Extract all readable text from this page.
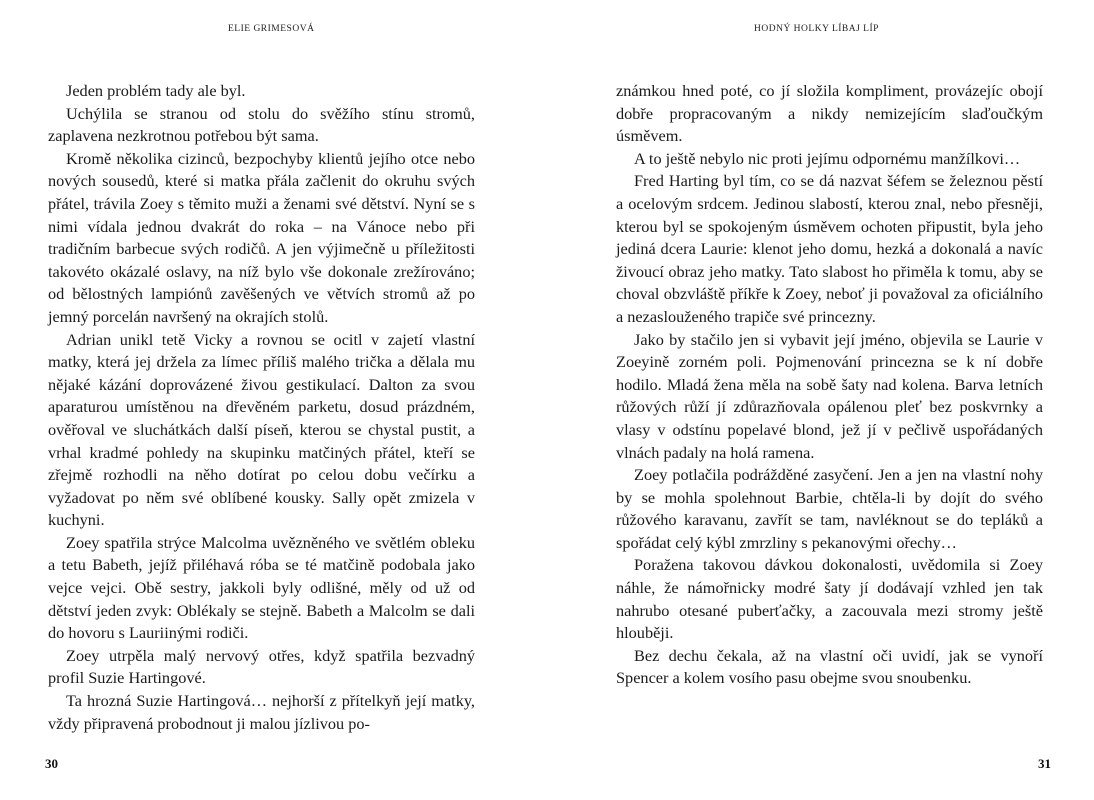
ELIE GRIMESOVÁ

Jeden problém tady ale byl.

Uchýlila se stranou od stolu do svěžího stínu stromů, zaplavena nezkrotnou potřebou být sama.

Kromě několika cizinců, bezpochyby klientů jejího otce nebo nových sousedů, které si matka přála začlenit do okruhu svých přátel, trávila Zoey s těmito muži a ženami své dětství. Nyní se s nimi vídala jednou dvakrát do roka – na Vánoce nebo při tradičním barbecue svých rodičů. A jen výjimečně u příležitosti takovéto okázalé oslavy, na níž bylo vše dokonale zrežírováno; od bělostných lampiónů zavěšených ve větvích stromů až po jemný porcelán navršený na okrajích stolů.

Adrian unikl tetě Vicky a rovnou se ocitl v zajetí vlastní matky, která jej držela za límec příliš malého trička a dělala mu nějaké kázání doprovázené živou gestikulací. Dalton za svou aparaturou umístěnou na dřevěném parketu, dosud prázdném, ověřoval ve sluchátkách další píseň, kterou se chystal pustit, a vrhal kradmé pohledy na skupinku matčiných přátel, kteří se zřejmě rozhodli na něho dotírat po celou dobu večírku a vyžadovat po něm své oblíbené kousky. Sally opět zmizela v kuchyni.

Zoey spatřila strýce Malcolma uvězněného ve světlém obleku a tetu Babeth, jejíž přiléhavá róba se té matčině podobala jako vejce vejci. Obě sestry, jakkoli byly odlišné, měly od už od dětství jeden zvyk: Oblékaly se stejně. Babeth a Malcolm se dali do hovoru s Lauriinými rodiči.

Zoey utrpěla malý nervový otřes, když spatřila bezvadný profil Suzie Hartingové.

Ta hrozná Suzie Hartingová… nejhorší z přítelkyň její matky, vždy připravená probodnout ji malou jízlivou po-

30
HODNÝ HOLKY LÍBAJ LÍP

známkou hned poté, co jí složila kompliment, provázejíc obojí dobře propracovaným a nikdy nemizejícím slaďoučkým úsměvem.

A to ještě nebylo nic proti jejímu odpornému manžílkovi…

Fred Harting byl tím, co se dá nazvat šéfem se železnou pěstí a ocelovým srdcem. Jedinou slabostí, kterou znal, nebo přesněji, kterou byl se spokojeným úsměvem ochoten připustit, byla jeho jediná dcera Laurie: klenot jeho domu, hezká a dokonalá a navíc živoucí obraz jeho matky. Tato slabost ho přiměla k tomu, aby se choval obzvláště příkře k Zoey, neboť ji považoval za oficiálního a nezaslouženého trapiče své princezny.

Jako by stačilo jen si vybavit její jméno, objevila se Laurie v Zoeyině zorném poli. Pojmenování princezna se k ní dobře hodilo. Mladá žena měla na sobě šaty nad kolena. Barva letních růžových růží jí zdůrazňovala opálenou pleť bez poskvrnky a vlasy v odstínu popelavé blond, jež jí v pečlivě uspořádaných vlnách padaly na holá ramena.

Zoey potlačila podrážděné zasyčení. Jen a jen na vlastní nohy by se mohla spolehnout Barbie, chtěla-li by dojít do svého růžového karavanu, zavřít se tam, navléknout se do tepláků a spořádat celý kýbl zmrzliny s pekanovými ořechy…

Poražena takovou dávkou dokonalosti, uvědomila si Zoey náhle, že námořnicky modré šaty jí dodávají vzhled jen tak nahrubo otesané puberťačky, a zacouvala mezi stromy ještě hlouběji.

Bez dechu čekala, až na vlastní oči uvidí, jak se vynoří Spencer a kolem vosího pasu obejme svou snoubenku.

31
